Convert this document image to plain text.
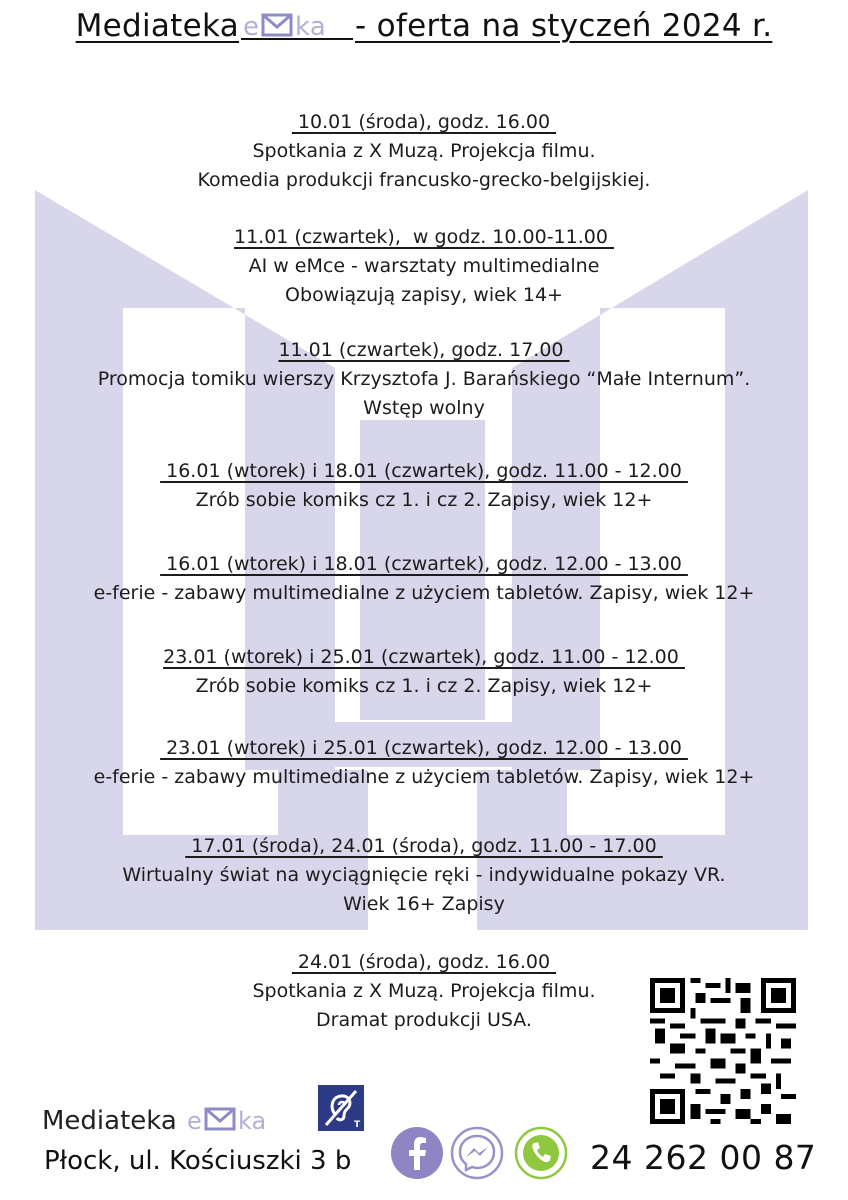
Mediateka e ka - oferta na styczeń 2024 r.
10.01 (środa), godz. 16.00
Spotkania z X Muzą. Projekcja filmu.
Komedia produkcji francusko-grecko-belgijskiej.
11.01 (czwartek),  w godz. 10.00-11.00
AI w eMce - warsztaty multimedialne
Obowiązują zapisy, wiek 14+
11.01 (czwartek), godz. 17.00
Promocja tomiku wierszy Krzysztofa J. Barańskiego “Małe Internum”.
Wstęp wolny
16.01 (wtorek) i 18.01 (czwartek), godz. 11.00 - 12.00
Zrób sobie komiks cz 1. i cz 2. Zapisy, wiek 12+
16.01 (wtorek) i 18.01 (czwartek), godz. 12.00 - 13.00
e-ferie - zabawy multimedialne z użyciem tabletów. Zapisy, wiek 12+
23.01 (wtorek) i 25.01 (czwartek), godz. 11.00 - 12.00
Zrób sobie komiks cz 1. i cz 2. Zapisy, wiek 12+
23.01 (wtorek) i 25.01 (czwartek), godz. 12.00 - 13.00
e-ferie - zabawy multimedialne z użyciem tabletów. Zapisy, wiek 12+
17.01 (środa), 24.01 (środa), godz. 11.00 - 17.00
Wirtualny świat na wyciągnięcie ręki - indywidualne pokazy VR.
Wiek 16+ Zapisy
24.01 (środa), godz. 16.00
Spotkania z X Muzą. Projekcja filmu.
Dramat produkcji USA.
Mediateka e ka	T
Płock, ul. Kościuszki 3 b	24 262 00 87
